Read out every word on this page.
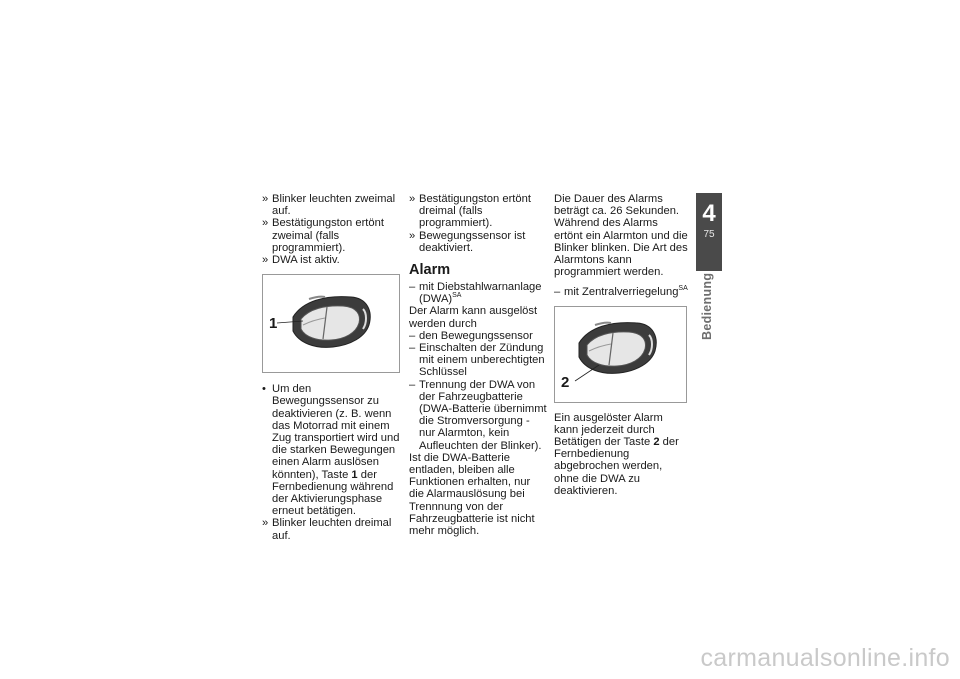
» Blinker leuchten zweimal auf.

» Bestätigungston ertönt zweimal (falls programmiert).

» DWA ist aktiv.

1

• Um den Bewegungssensor zu deaktivieren (z. B. wenn das Motorrad mit einem Zug transportiert wird und die starken Bewegungen einen Alarm auslösen könnten), Taste 1 der Fernbedienung während der Aktivierungsphase erneut betätigen.

» Blinker leuchten dreimal auf.

» Bestätigungston ertönt dreimal (falls programmiert).

» Bewegungssensor ist deaktiviert.

Alarm

– mit Diebstahlwarnanlage (DWA)$^{SA}$

Der Alarm kann ausgelöst werden durch

– den Bewegungssensor

– Einschalten der Zündung mit einem unberechtigten Schlüssel

– Trennung der DWA von der Fahrzeugbatterie (DWA-Batterie übernimmt die Stromversorgung - nur Alarmton, kein Aufleuchten der Blinker).

Ist die DWA-Batterie entladen, bleiben alle Funktionen erhalten, nur die Alarmauslösung bei Trennnung von der Fahrzeugbatterie ist nicht mehr möglich.

Die Dauer des Alarms beträgt ca. 26 Sekunden. Während des Alarms ertönt ein Alarmton und die Blinker blinken. Die Art des Alarmtons kann programmiert werden.

– mit Zentralverriegelung$^{SA}$

2

Ein ausgelöster Alarm kann jederzeit durch Betätigen der Taste 2 der Fernbedienung abgebrochen werden, ohne die DWA zu deaktivieren.

4
75
Bedienung
carmanualsonline.info
